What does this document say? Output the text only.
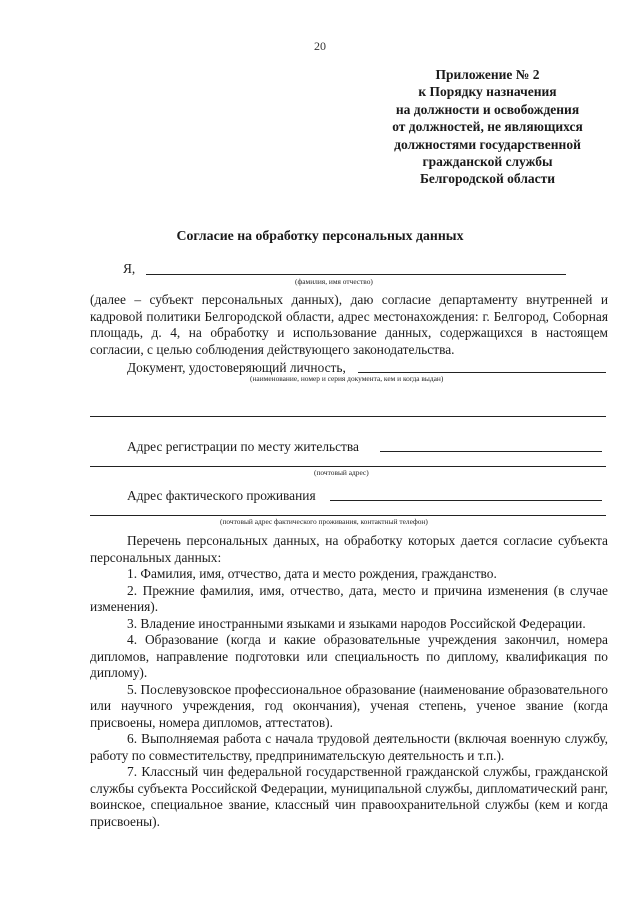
20
Приложение № 2
к Порядку назначения
на должности и освобождения
от должностей, не являющихся
должностями государственной
гражданской службы
Белгородской области
Согласие на обработку персональных данных
Я,
(фамилия, имя отчество)
(далее – субъект персональных данных), даю согласие департаменту внутренней и кадровой политики Белгородской области, адрес местонахождения: г. Белгород, Соборная площадь, д. 4, на обработку и использование данных, содержащихся в настоящем согласии, с целью соблюдения действующего законодательства.
Документ, удостоверяющий личность,
(наименование, номер и серия документа, кем и когда выдан)
Адрес регистрации по месту жительства
(почтовый адрес)
Адрес фактического проживания
(почтовый адрес фактического проживания, контактный телефон)

Перечень персональных данных, на обработку которых дается согласие субъекта персональных данных:

1. Фамилия, имя, отчество, дата и место рождения, гражданство.

2. Прежние фамилия, имя, отчество, дата, место и причина изменения (в случае изменения).

3. Владение иностранными языками и языками народов Российской Федерации.

4. Образование (когда и какие образовательные учреждения закончил, номера дипломов, направление подготовки или специальность по диплому, квалификация по диплому).

5. Послевузовское профессиональное образование (наименование образовательного или научного учреждения, год окончания), ученая степень, ученое звание (когда присвоены, номера дипломов, аттестатов).

6. Выполняемая работа с начала трудовой деятельности (включая военную службу, работу по совместительству, предпринимательскую деятельность и т.п.).

7. Классный чин федеральной государственной гражданской службы, гражданской службы субъекта Российской Федерации, муниципальной службы, дипломатический ранг, воинское, специальное звание, классный чин правоохранительной службы (кем и когда присвоены).
